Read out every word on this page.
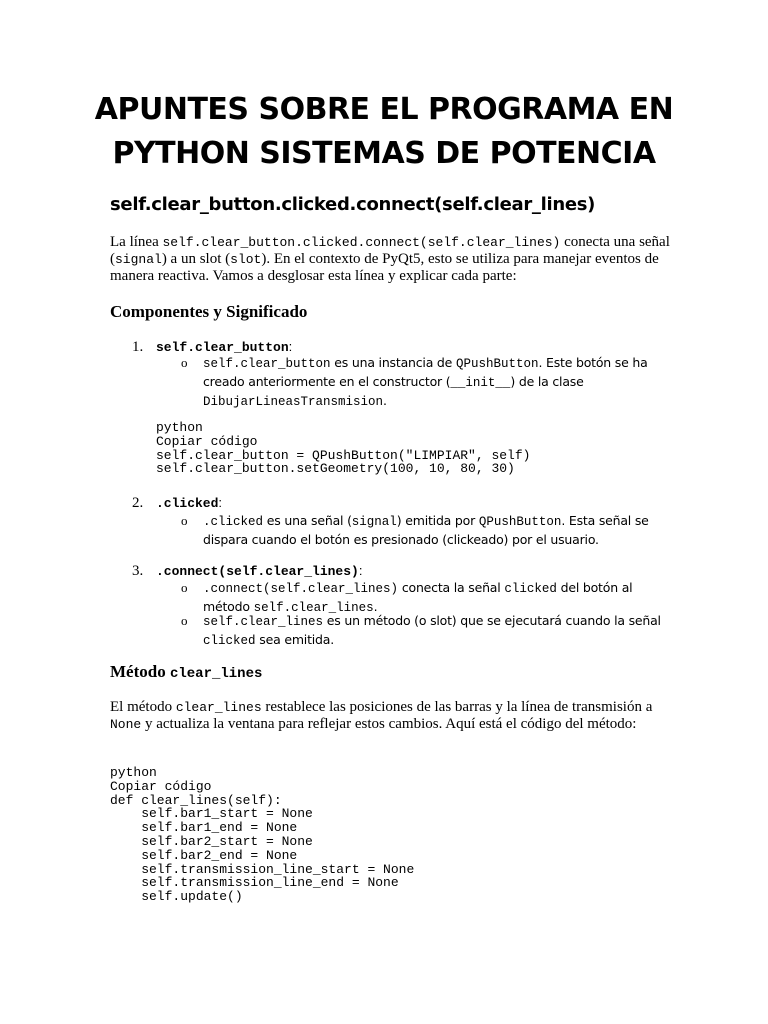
APUNTES SOBRE EL PROGRAMA EN
PYTHON SISTEMAS DE POTENCIA
self.clear_button.clicked.connect(self.clear_lines)

La línea self.clear_button.clicked.connect(self.clear_lines) conecta una señal (signal) a un slot (slot). En el contexto de PyQt5, esto se utiliza para manejar eventos de manera reactiva. Vamos a desglosar esta línea y explicar cada parte:

Componentes y Significado

1. self.clear_button:

o self.clear_button es una instancia de QPushButton. Este botón se ha creado anteriormente en el constructor (__init__) de la clase DibujarLineasTransmision.

python
Copiar código
self.clear_button = QPushButton("LIMPIAR", self)
self.clear_button.setGeometry(100, 10, 80, 30)

2. .clicked:

o .clicked es una señal (signal) emitida por QPushButton. Esta señal se dispara cuando el botón es presionado (clickeado) por el usuario.

3. .connect(self.clear_lines):

o .connect(self.clear_lines) conecta la señal clicked del botón al método self.clear_lines.

o self.clear_lines es un método (o slot) que se ejecutará cuando la señal clicked sea emitida.

Método clear_lines

El método clear_lines restablece las posiciones de las barras y la línea de transmisión a None y actualiza la ventana para reflejar estos cambios. Aquí está el código del método:

python
Copiar código
def clear_lines(self):
self.bar1_start = None
self.bar1_end = None
self.bar2_start = None
self.bar2_end = None
self.transmission_line_start = None
self.transmission_line_end = None
self.update()
